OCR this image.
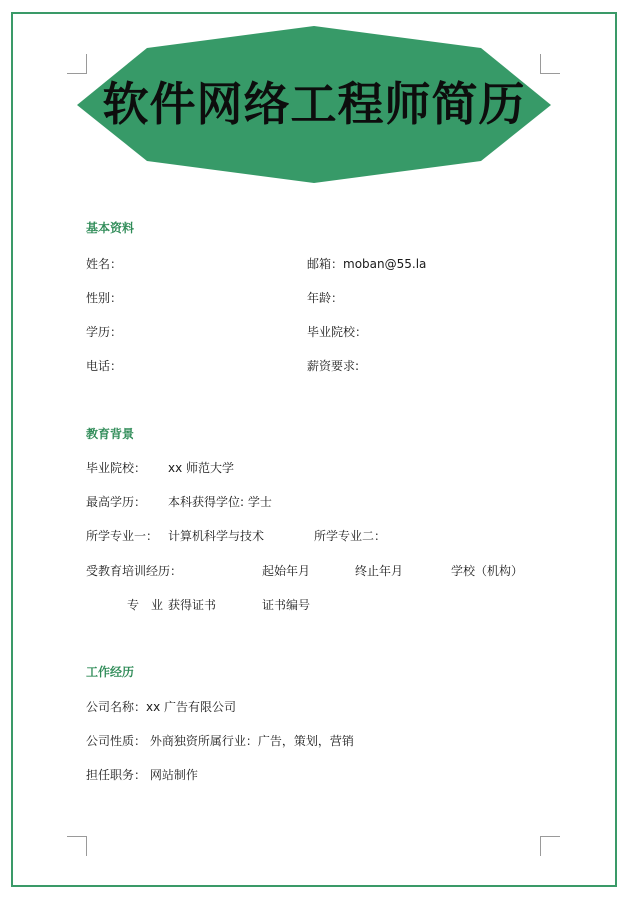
软件网络工程师简历
基本资料
姓名：	邮箱：moban@55.la
性别：	年龄：
学历：	毕业院校：
电话：	薪资要求:
教育背景
毕业院校： xx 师范大学
最高学历： 本科获得学位: 学士
所学专业一： 计算机科学与技术	所学专业二：
受教育培训经历：	起始年月	终止年月	学校（机构）
专　业 获得证书	证书编号
工作经历
公司名称：xx 广告有限公司
公司性质： 外商独资所属行业：广告，策划，营销
担任职务： 网站制作
